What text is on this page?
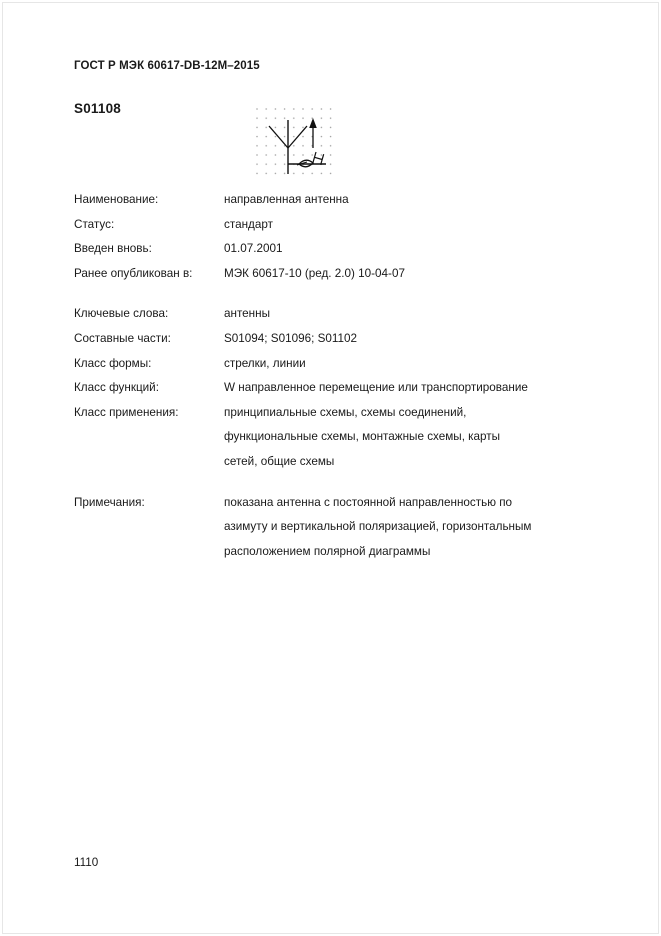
ГОСТ Р МЭК 60617-DB-12M–2015
S01108
Наименование:	направленная антенна
Статус:	стандарт
Введен вновь:	01.07.2001
Ранее опубликован в:	МЭК 60617-10 (ред. 2.0) 10-04-07
Ключевые слова:	антенны
Составные части:	S01094; S01096; S01102
Класс формы:	стрелки, линии
Класс функций:	W направленное перемещение или транспортирование
Класс применения:	принципиальные схемы, схемы соединений,
функциональные схемы, монтажные схемы, карты
сетей, общие схемы
Примечания:	показана антенна с постоянной направленностью по
азимуту и вертикальной поляризацией, горизонтальным
расположением полярной диаграммы
1110
